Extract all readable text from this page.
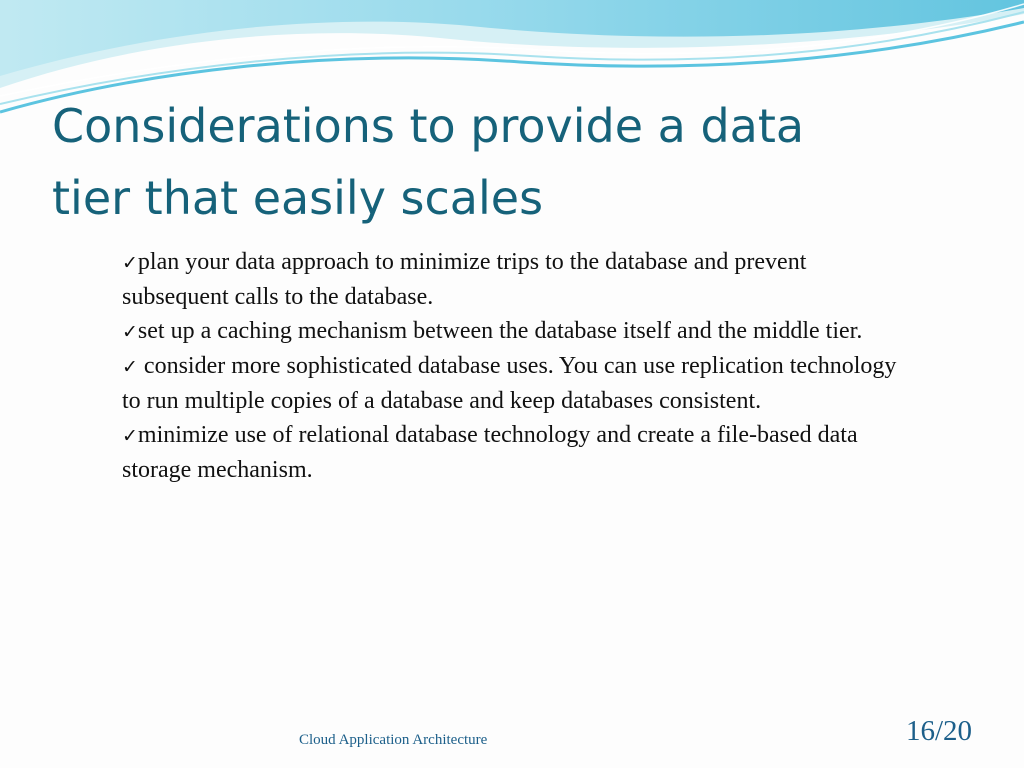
Considerations to provide a data
tier that easily scales

✓plan your data approach to minimize trips to the database and prevent subsequent calls to the database.

✓set up a caching mechanism between the database itself and the middle tier.

✓ consider more sophisticated database uses. You can use replication technology to run multiple copies of a database and keep databases consistent.

✓minimize use of relational database technology and create a file-based data storage mechanism.

Cloud Application Architecture	16/20
